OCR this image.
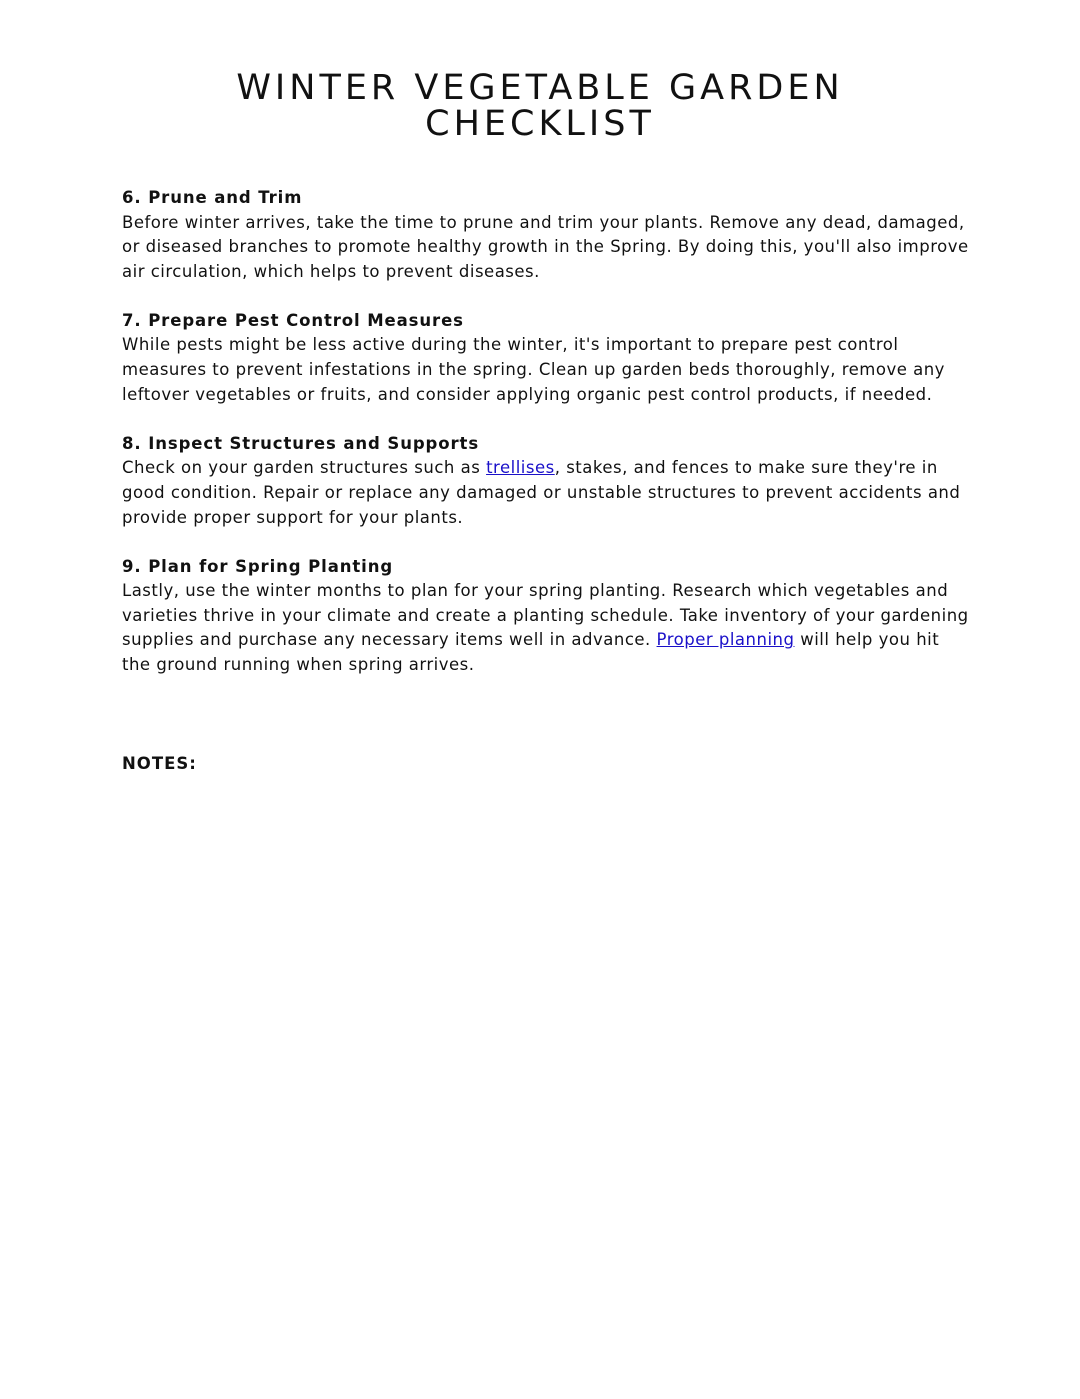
WINTER VEGETABLE GARDEN
CHECKLIST

6. Prune and Trim

Before winter arrives, take the time to prune and trim your plants. Remove any dead, damaged, or diseased branches to promote healthy growth in the Spring. By doing this, you'll also improve air circulation, which helps to prevent diseases.

7. Prepare Pest Control Measures

While pests might be less active during the winter, it's important to prepare pest control measures to prevent infestations in the spring. Clean up garden beds thoroughly, remove any leftover vegetables or fruits, and consider applying organic pest control products, if needed.

8. Inspect Structures and Supports

Check on your garden structures such as trellises, stakes, and fences to make sure they're in good condition. Repair or replace any damaged or unstable structures to prevent accidents and provide proper support for your plants.

9. Plan for Spring Planting

Lastly, use the winter months to plan for your spring planting. Research which vegetables and varieties thrive in your climate and create a planting schedule. Take inventory of your gardening supplies and purchase any necessary items well in advance. Proper planning will help you hit the ground running when spring arrives.

NOTES:
